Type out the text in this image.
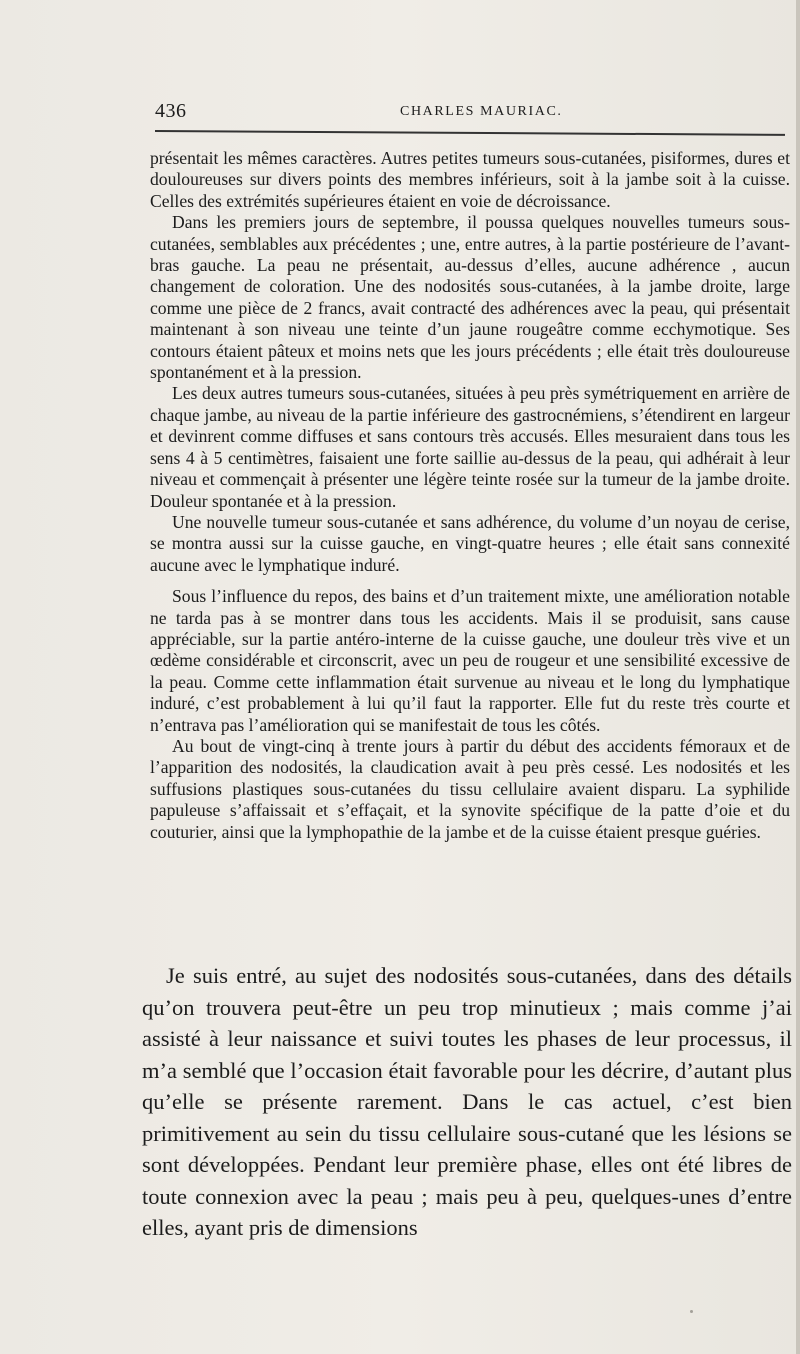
436	CHARLES MAURIAC.

présentait les mêmes caractères. Autres petites tumeurs sous-cutanées, pisiformes, dures et douloureuses sur divers points des membres inférieurs, soit à la jambe soit à la cuisse. Celles des extrémités supérieures étaient en voie de décroissance.

Dans les premiers jours de septembre, il poussa quelques nouvelles tumeurs sous-cutanées, semblables aux précédentes ; une, entre autres, à la partie postérieure de l’avant-bras gauche. La peau ne présentait, au-dessus d’elles, aucune adhérence , aucun changement de coloration. Une des nodosités sous-cutanées, à la jambe droite, large comme une pièce de 2 francs, avait contracté des adhérences avec la peau, qui présentait maintenant à son niveau une teinte d’un jaune rougeâtre comme ecchymotique. Ses contours étaient pâteux et moins nets que les jours précédents ; elle était très douloureuse spontanément et à la pression.

Les deux autres tumeurs sous-cutanées, situées à peu près symétriquement en arrière de chaque jambe, au niveau de la partie inférieure des gastrocnémiens, s’étendirent en largeur et devinrent comme diffuses et sans contours très accusés. Elles mesuraient dans tous les sens 4 à 5 centimètres, faisaient une forte saillie au-dessus de la peau, qui adhérait à leur niveau et commençait à présenter une légère teinte rosée sur la tumeur de la jambe droite. Douleur spontanée et à la pression.

Une nouvelle tumeur sous-cutanée et sans adhérence, du volume d’un noyau de cerise, se montra aussi sur la cuisse gauche, en vingt-quatre heures ; elle était sans connexité aucune avec le lymphatique induré.

Sous l’influence du repos, des bains et d’un traitement mixte, une amélioration notable ne tarda pas à se montrer dans tous les accidents. Mais il se produisit, sans cause appréciable, sur la partie antéro-interne de la cuisse gauche, une douleur très vive et un œdème considérable et circonscrit, avec un peu de rougeur et une sensibilité excessive de la peau. Comme cette inflammation était survenue au niveau et le long du lymphatique induré, c’est probablement à lui qu’il faut la rapporter. Elle fut du reste très courte et n’entrava pas l’amélioration qui se manifestait de tous les côtés.

Au bout de vingt-cinq à trente jours à partir du début des accidents fémoraux et de l’apparition des nodosités, la claudication avait à peu près cessé. Les nodosités et les suffusions plastiques sous-cutanées du tissu cellulaire avaient disparu. La syphilide papuleuse s’affaissait et s’effaçait, et la synovite spécifique de la patte d’oie et du couturier, ainsi que la lymphopathie de la jambe et de la cuisse étaient presque guéries.

Je suis entré, au sujet des nodosités sous-cutanées, dans des détails qu’on trouvera peut-être un peu trop minutieux ; mais comme j’ai assisté à leur naissance et suivi toutes les phases de leur processus, il m’a semblé que l’occasion était favorable pour les décrire, d’autant plus qu’elle se présente rarement. Dans le cas actuel, c’est bien primitivement au sein du tissu cellulaire sous-cutané que les lésions se sont développées. Pendant leur première phase, elles ont été libres de toute connexion avec la peau ; mais peu à peu, quelques-unes d’entre elles, ayant pris de dimensions
